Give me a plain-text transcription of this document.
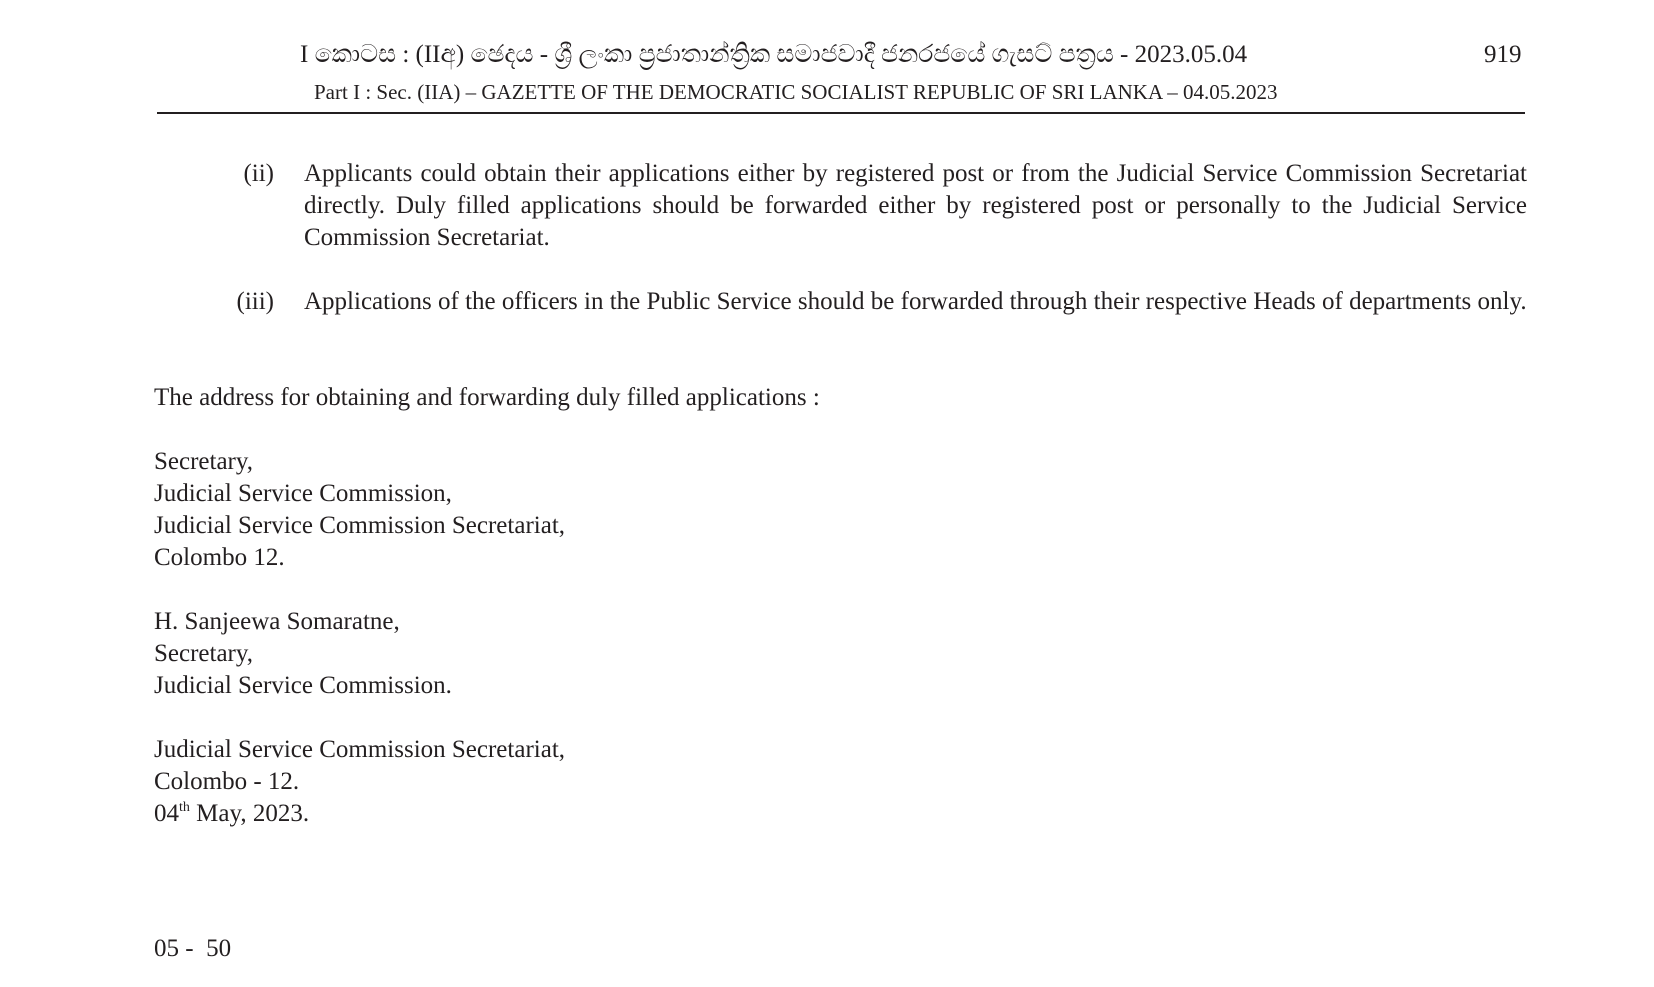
I කොටස : (IIඅ) ඡෙදය - ශ්‍රී ලංකා ප්‍රජාතාන්ත්‍රික සමාජවාදී ජනරජයේ ගැසට් පත්‍රය - 2023.05.04	919
Part I : Sec. (IIA) – GAZETTE OF THE DEMOCRATIC SOCIALIST REPUBLIC OF SRI LANKA – 04.05.2023
(ii) Applicants could obtain their applications either by registered post or from the Judicial Service Commission Secretariat directly. Duly filled applications should be forwarded either by registered post or personally to the Judicial Service Commission Secretariat.
(iii) Applications of the officers in the Public Service should be forwarded through their respective Heads of departments only.
The address for obtaining and forwarding duly filled applications :
Secretary,
Judicial Service Commission,
Judicial Service Commission Secretariat,
Colombo 12.
H. Sanjeewa Somaratne,
Secretary,
Judicial Service Commission.
Judicial Service Commission Secretariat,
Colombo - 12.
04th May, 2023.
05 -  50
